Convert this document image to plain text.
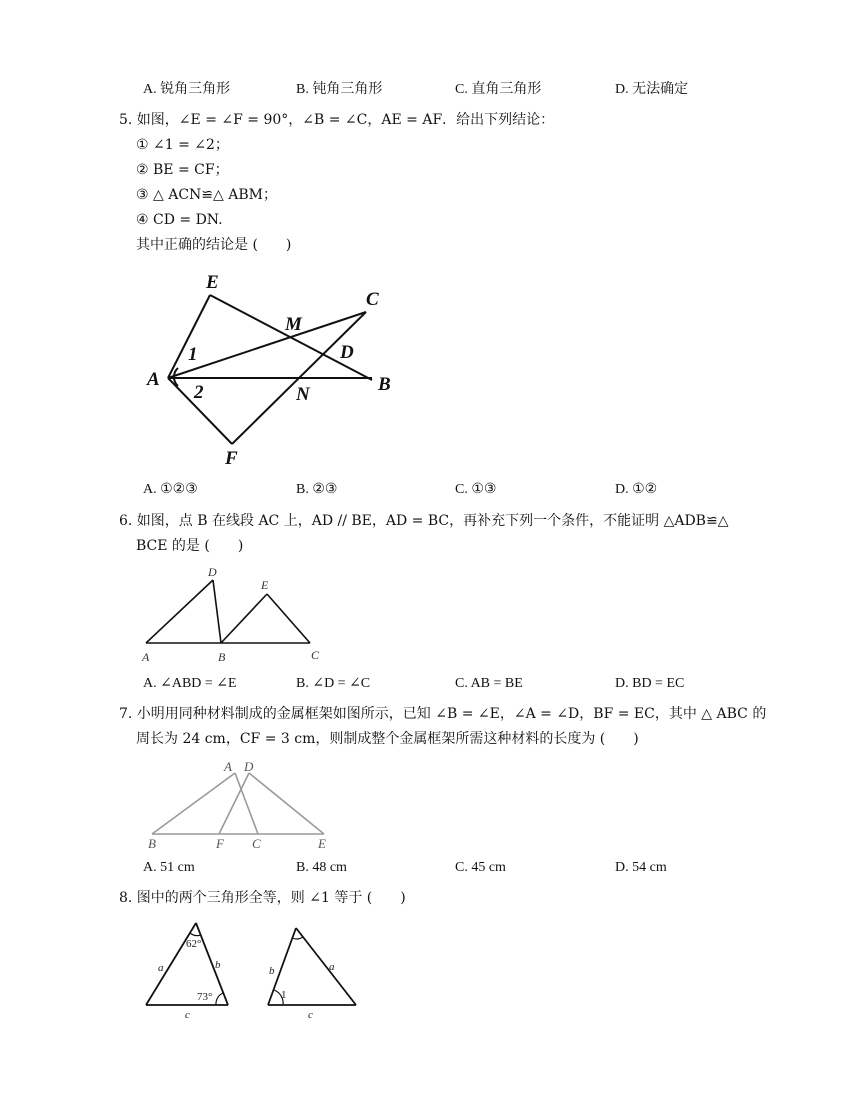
A. 锐角三角形	B. 钝角三角形	C. 直角三角形	D. 无法确定
5. 如图，∠E = ∠F = 90°，∠B = ∠C，AE = AF．给出下列结论：
① ∠1 = ∠2；
② BE = CF；
③ △ ACN≌△ ABM；
④ CD = DN.
其中正确的结论是 (　　)
E
C
M
D
A	B
N
F
1
2
A. ①②③	B. ②③	C. ①③	D. ①②
6. 如图，点 B 在线段 AC 上，AD // BE，AD = BC，再补充下列一个条件，不能证明 △ADB≌△
BCE 的是 (　　)
D
E
A	B	C
A. ∠ABD = ∠E	B. ∠D = ∠C	C. AB = BE	D. BD = EC
7. 小明用同种材料制成的金属框架如图所示，已知 ∠B = ∠E，∠A = ∠D，BF = EC，其中 △ ABC 的
周长为 24 cm，CF = 3 cm，则制成整个金属框架所需这种材料的长度为 (　　)
A D
B	F C	E
A. 51 cm	B. 48 cm	C. 45 cm	D. 54 cm
8. 图中的两个三角形全等，则 ∠1 等于 (　　)
62°
73°
a	b
c
b	a
c
1
